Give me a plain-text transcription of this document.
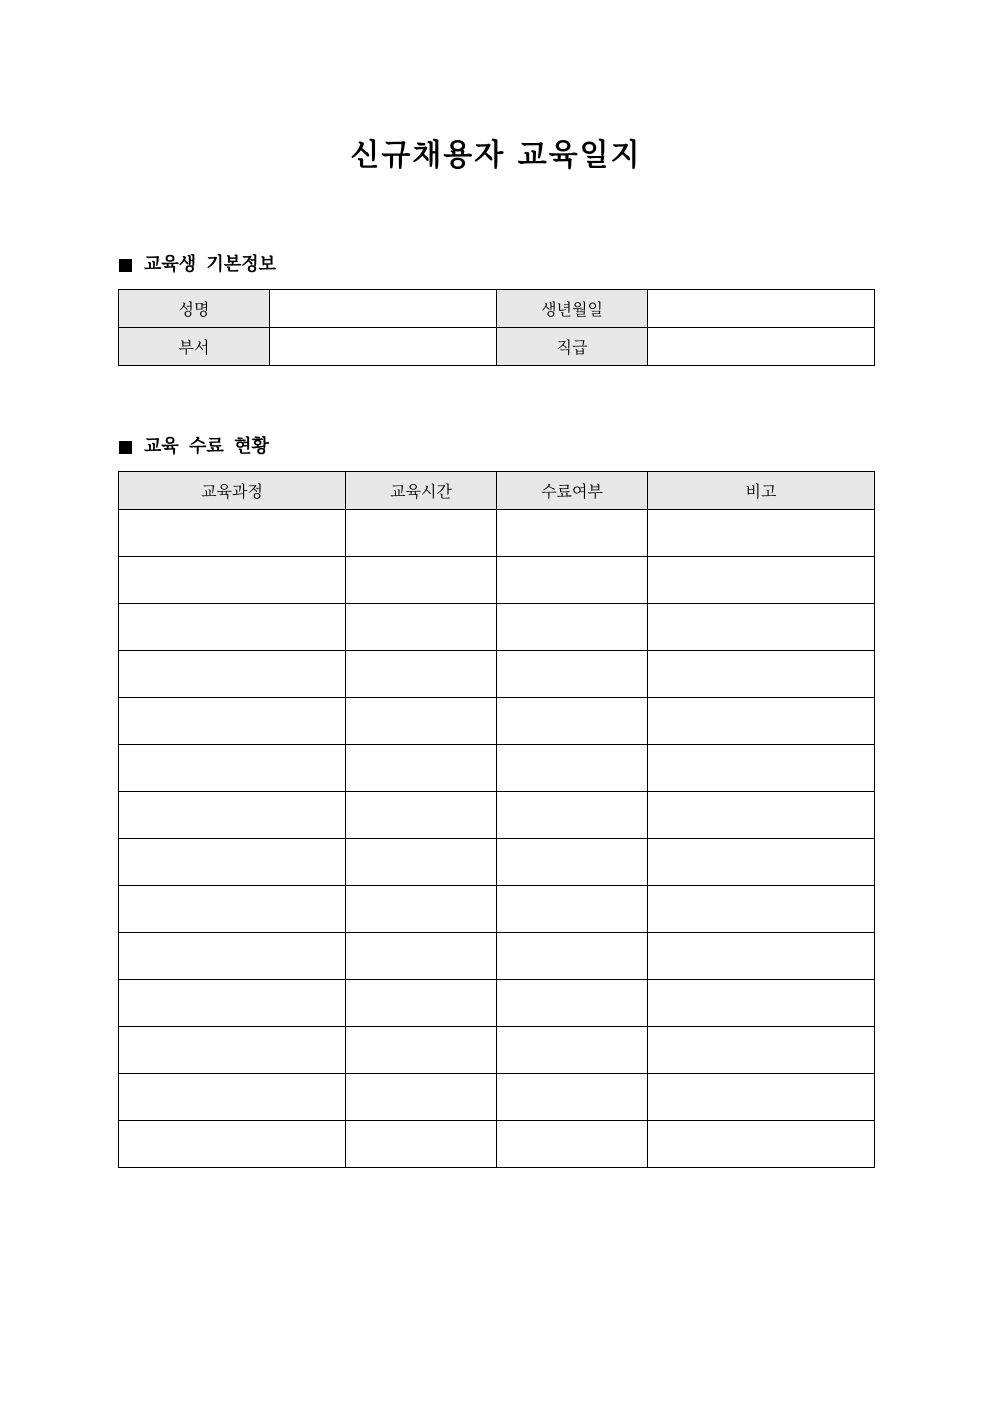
신규채용자 교육일지
교육생 기본정보
성명		생년월일	
부서		직급	
교육 수료 현황
교육과정	교육시간	수료여부	비고
